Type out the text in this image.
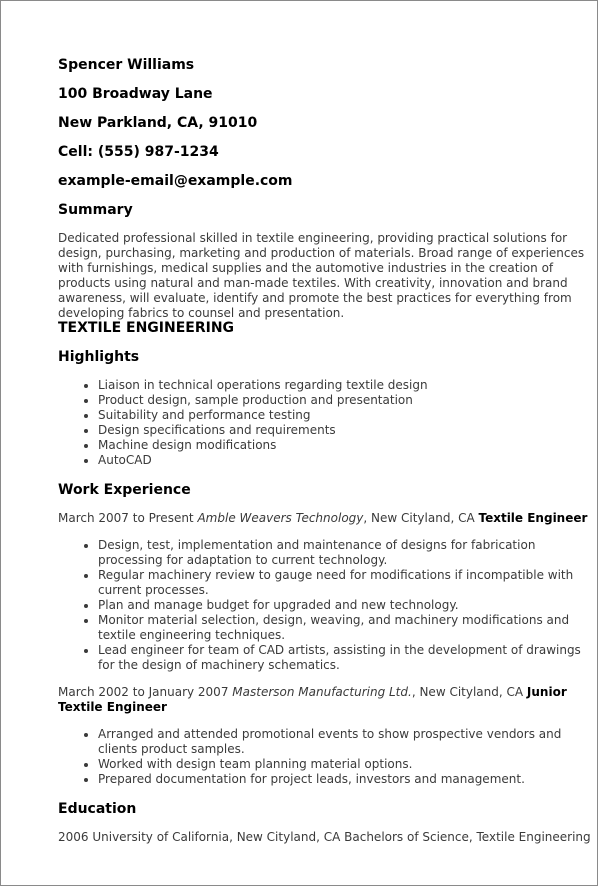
Spencer Williams
100 Broadway Lane
New Parkland, CA, 91010
Cell: (555) 987-1234
example-email@example.com
Summary
Dedicated professional skilled in textile engineering, providing practical solutions for design, purchasing, marketing and production of materials. Broad range of experiences with furnishings, medical supplies and the automotive industries in the creation of products using natural and man-made textiles. With creativity, innovation and brand awareness, will evaluate, identify and promote the best practices for everything from developing fabrics to counsel and presentation.
TEXTILE ENGINEERING
Highlights
• Liaison in technical operations regarding textile design
• Product design, sample production and presentation
• Suitability and performance testing
• Design specifications and requirements
• Machine design modifications
• AutoCAD
Work Experience
March 2007 to Present Amble Weavers Technology, New Cityland, CA Textile Engineer
• Design, test, implementation and maintenance of designs for fabrication processing for adaptation to current technology.
• Regular machinery review to gauge need for modifications if incompatible with current processes.
• Plan and manage budget for upgraded and new technology.
• Monitor material selection, design, weaving, and machinery modifications and textile engineering techniques.
• Lead engineer for team of CAD artists, assisting in the development of drawings for the design of machinery schematics.
March 2002 to January 2007 Masterson Manufacturing Ltd., New Cityland, CA Junior Textile Engineer
• Arranged and attended promotional events to show prospective vendors and clients product samples.
• Worked with design team planning material options.
• Prepared documentation for project leads, investors and management.
Education
2006 University of California, New Cityland, CA Bachelors of Science, Textile Engineering
